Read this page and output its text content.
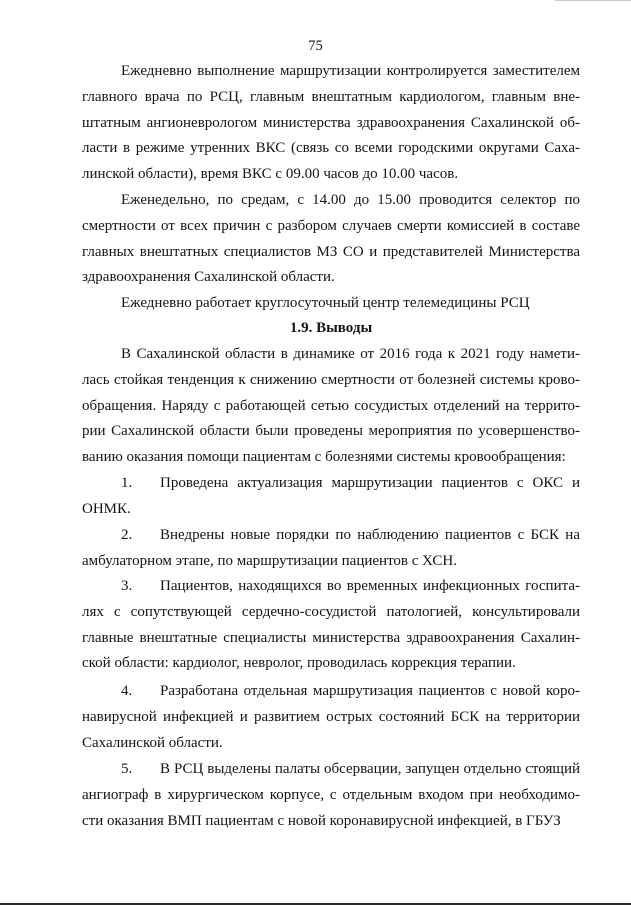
75
Ежедневно выполнение маршрутизации контролируется заместителем
главного врача по РСЦ, главным внештатным кардиологом, главным вне-
штатным ангионеврологом министерства здравоохранения Сахалинской об-
ласти в режиме утренних ВКС (связь со всеми городскими округами Саха-
линской области), время ВКС с 09.00 часов до 10.00 часов.
Еженедельно, по средам, с 14.00 до 15.00 проводится селектор по
смертности от всех причин с разбором случаев смерти комиссией в составе
главных внештатных специалистов МЗ СО и представителей Министерства
здравоохранения Сахалинской области.
Ежедневно работает круглосуточный центр телемедицины РСЦ
1.9. Выводы
В Сахалинской области в динамике от 2016 года к 2021 году намети-
лась стойкая тенденция к снижению смертности от болезней системы крово-
обращения. Наряду с работающей сетью сосудистых отделений на террито-
рии Сахалинской области были проведены мероприятия по усовершенство-
ванию оказания помощи пациентам с болезнями системы кровообращения:
1. Проведена актуализация маршрутизации пациентов с ОКС и
ОНМК.
2. Внедрены новые порядки по наблюдению пациентов с БСК на
амбулаторном этапе, по маршрутизации пациентов с ХСН.
3. Пациентов, находящихся во временных инфекционных госпита-
лях с сопутствующей сердечно-сосудистой патологией, консультировали
главные внештатные специалисты министерства здравоохранения Сахалин-
ской области: кардиолог, невролог, проводилась коррекция терапии.
4. Разработана отдельная маршрутизация пациентов с новой коро-
навирусной инфекцией и развитием острых состояний БСК на территории
Сахалинской области.
5. В РСЦ выделены палаты обсервации, запущен отдельно стоящий
ангиограф в хирургическом корпусе, с отдельным входом при необходимо-
сти оказания ВМП пациентам с новой коронавирусной инфекцией, в ГБУЗ
